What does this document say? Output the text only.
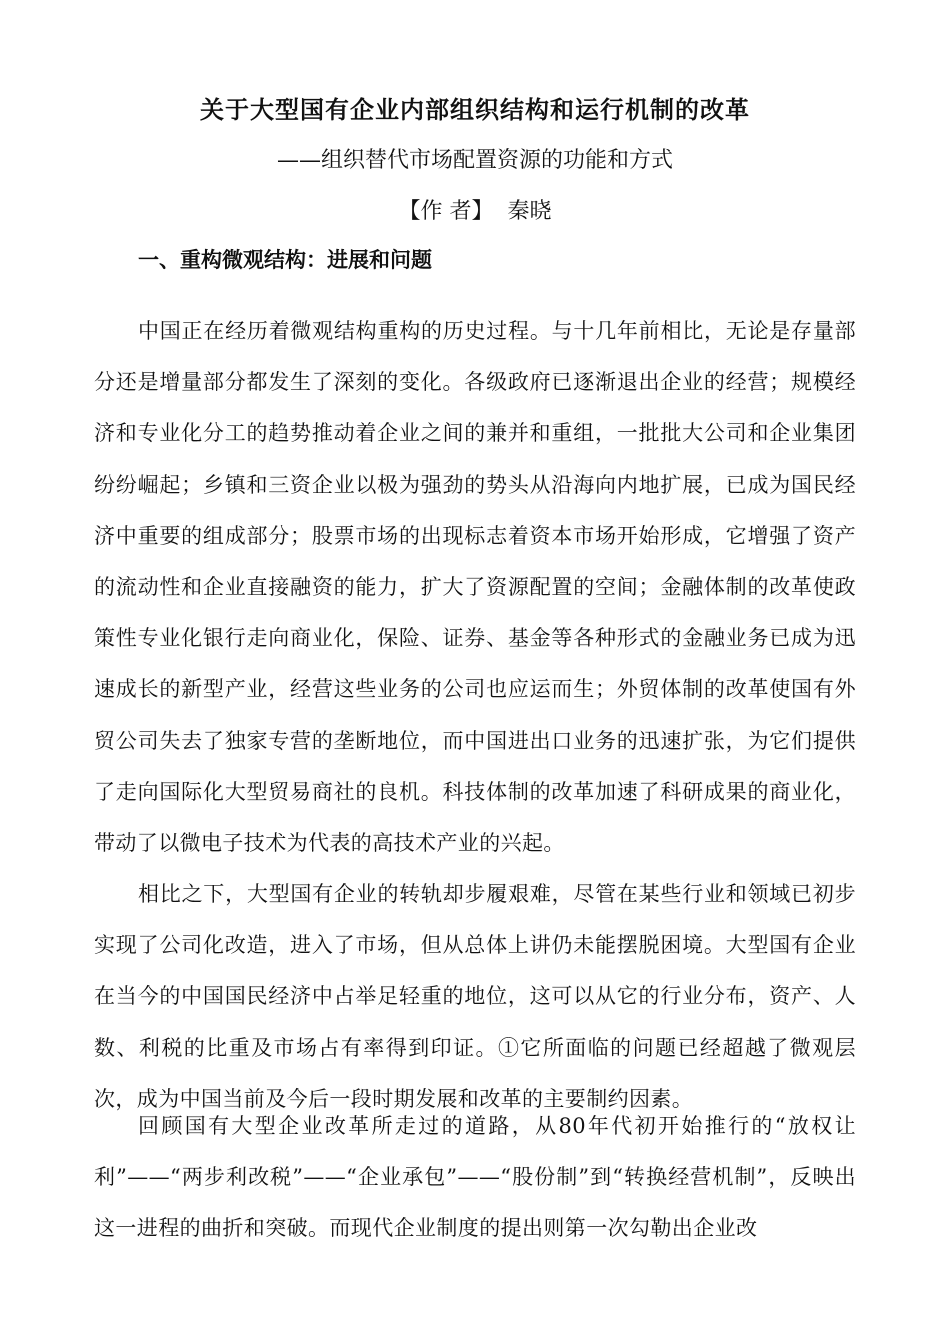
关于大型国有企业内部组织结构和运行机制的改革
——组织替代市场配置资源的功能和方式
【作 者】 秦晓
一、重构微观结构：进展和问题

中国正在经历着微观结构重构的历史过程。与十几年前相比，无论是存量部分还是增量部分都发生了深刻的变化。各级政府已逐渐退出企业的经营；规模经济和专业化分工的趋势推动着企业之间的兼并和重组，一批批大公司和企业集团纷纷崛起；乡镇和三资企业以极为强劲的势头从沿海向内地扩展，已成为国民经济中重要的组成部分；股票市场的出现标志着资本市场开始形成，它增强了资产的流动性和企业直接融资的能力，扩大了资源配置的空间；金融体制的改革使政策性专业化银行走向商业化，保险、证券、基金等各种形式的金融业务已成为迅速成长的新型产业，经营这些业务的公司也应运而生；外贸体制的改革使国有外贸公司失去了独家专营的垄断地位，而中国进出口业务的迅速扩张，为它们提供了走向国际化大型贸易商社的良机。科技体制的改革加速了科研成果的商业化，带动了以微电子技术为代表的高技术产业的兴起。

相比之下，大型国有企业的转轨却步履艰难，尽管在某些行业和领域已初步实现了公司化改造，进入了市场，但从总体上讲仍未能摆脱困境。大型国有企业在当今的中国国民经济中占举足轻重的地位，这可以从它的行业分布，资产、人数、利税的比重及市场占有率得到印证。①它所面临的问题已经超越了微观层次，成为中国当前及今后一段时期发展和改革的主要制约因素。

回顾国有大型企业改革所走过的道路，从80年代初开始推行的“放权让利”——“两步利改税”——“企业承包”——“股份制”到“转换经营机制”，反映出这一进程的曲折和突破。而现代企业制度的提出则第一次勾勒出企业改
